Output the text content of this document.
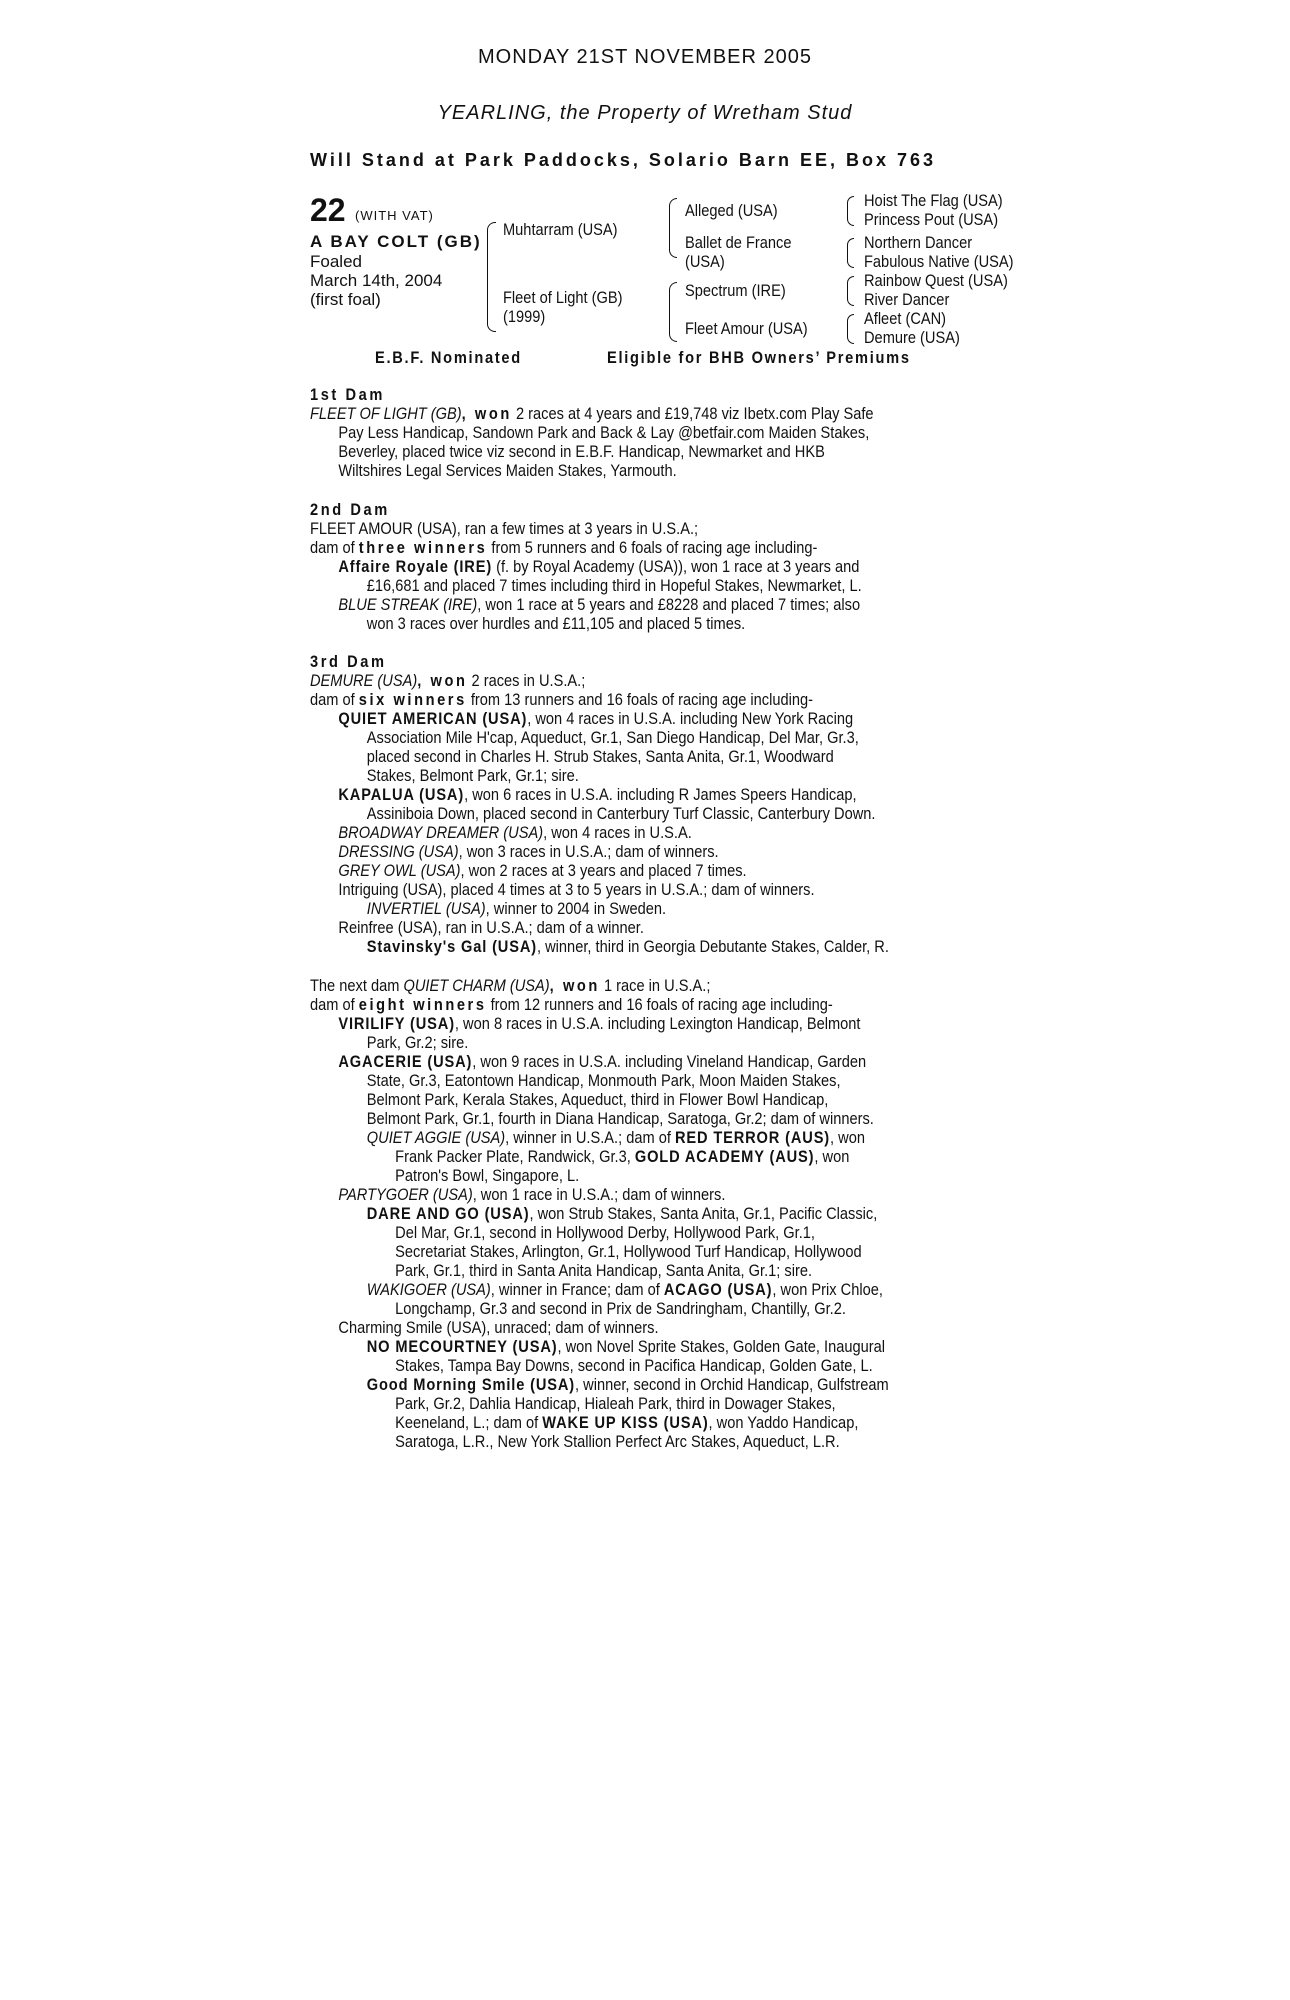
MONDAY 21ST NOVEMBER 2005
YEARLING, the Property of Wretham Stud
Will Stand at Park Paddocks, Solario Barn EE, Box 763
22 (WITH VAT)
A BAY COLT (GB)
Foaled
March 14th, 2004
(first foal)
Muhtarram (USA)
Fleet of Light (GB)
(1999)
Alleged (USA)
Ballet de France
(USA)
Spectrum (IRE)
Fleet Amour (USA)
Hoist The Flag (USA)
Princess Pout (USA)
Northern Dancer
Fabulous Native (USA)
Rainbow Quest (USA)
River Dancer
Afleet (CAN)
Demure (USA)
E.B.F. Nominated	Eligible for BHB Owners’ Premiums

1st Dam

FLEET OF LIGHT (GB), won 2 races at 4 years and £19,748 viz Ibetx.com Play Safe

Pay Less Handicap, Sandown Park and Back & Lay @betfair.com Maiden Stakes,

Beverley, placed twice viz second in E.B.F. Handicap, Newmarket and HKB

Wiltshires Legal Services Maiden Stakes, Yarmouth.

2nd Dam

FLEET AMOUR (USA), ran a few times at 3 years in U.S.A.;

dam of three winners from 5 runners and 6 foals of racing age including-

Affaire Royale (IRE) (f. by Royal Academy (USA)), won 1 race at 3 years and

£16,681 and placed 7 times including third in Hopeful Stakes, Newmarket, L.

BLUE STREAK (IRE), won 1 race at 5 years and £8228 and placed 7 times; also

won 3 races over hurdles and £11,105 and placed 5 times.

3rd Dam

DEMURE (USA), won 2 races in U.S.A.;

dam of six winners from 13 runners and 16 foals of racing age including-

QUIET AMERICAN (USA), won 4 races in U.S.A. including New York Racing

Association Mile H'cap, Aqueduct, Gr.1, San Diego Handicap, Del Mar, Gr.3,

placed second in Charles H. Strub Stakes, Santa Anita, Gr.1, Woodward

Stakes, Belmont Park, Gr.1; sire.

KAPALUA (USA), won 6 races in U.S.A. including R James Speers Handicap,

Assiniboia Down, placed second in Canterbury Turf Classic, Canterbury Down.

BROADWAY DREAMER (USA), won 4 races in U.S.A.

DRESSING (USA), won 3 races in U.S.A.; dam of winners.

GREY OWL (USA), won 2 races at 3 years and placed 7 times.

Intriguing (USA), placed 4 times at 3 to 5 years in U.S.A.; dam of winners.

INVERTIEL (USA), winner to 2004 in Sweden.

Reinfree (USA), ran in U.S.A.; dam of a winner.

Stavinsky's Gal (USA), winner, third in Georgia Debutante Stakes, Calder, R.

The next dam QUIET CHARM (USA), won 1 race in U.S.A.;

dam of eight winners from 12 runners and 16 foals of racing age including-

VIRILIFY (USA), won 8 races in U.S.A. including Lexington Handicap, Belmont

Park, Gr.2; sire.

AGACERIE (USA), won 9 races in U.S.A. including Vineland Handicap, Garden

State, Gr.3, Eatontown Handicap, Monmouth Park, Moon Maiden Stakes,

Belmont Park, Kerala Stakes, Aqueduct, third in Flower Bowl Handicap,

Belmont Park, Gr.1, fourth in Diana Handicap, Saratoga, Gr.2; dam of winners.

QUIET AGGIE (USA), winner in U.S.A.; dam of RED TERROR (AUS), won

Frank Packer Plate, Randwick, Gr.3, GOLD ACADEMY (AUS), won

Patron's Bowl, Singapore, L.

PARTYGOER (USA), won 1 race in U.S.A.; dam of winners.

DARE AND GO (USA), won Strub Stakes, Santa Anita, Gr.1, Pacific Classic,

Del Mar, Gr.1, second in Hollywood Derby, Hollywood Park, Gr.1,

Secretariat Stakes, Arlington, Gr.1, Hollywood Turf Handicap, Hollywood

Park, Gr.1, third in Santa Anita Handicap, Santa Anita, Gr.1; sire.

WAKIGOER (USA), winner in France; dam of ACAGO (USA), won Prix Chloe,

Longchamp, Gr.3 and second in Prix de Sandringham, Chantilly, Gr.2.

Charming Smile (USA), unraced; dam of winners.

NO MECOURTNEY (USA), won Novel Sprite Stakes, Golden Gate, Inaugural

Stakes, Tampa Bay Downs, second in Pacifica Handicap, Golden Gate, L.

Good Morning Smile (USA), winner, second in Orchid Handicap, Gulfstream

Park, Gr.2, Dahlia Handicap, Hialeah Park, third in Dowager Stakes,

Keeneland, L.; dam of WAKE UP KISS (USA), won Yaddo Handicap,

Saratoga, L.R., New York Stallion Perfect Arc Stakes, Aqueduct, L.R.
